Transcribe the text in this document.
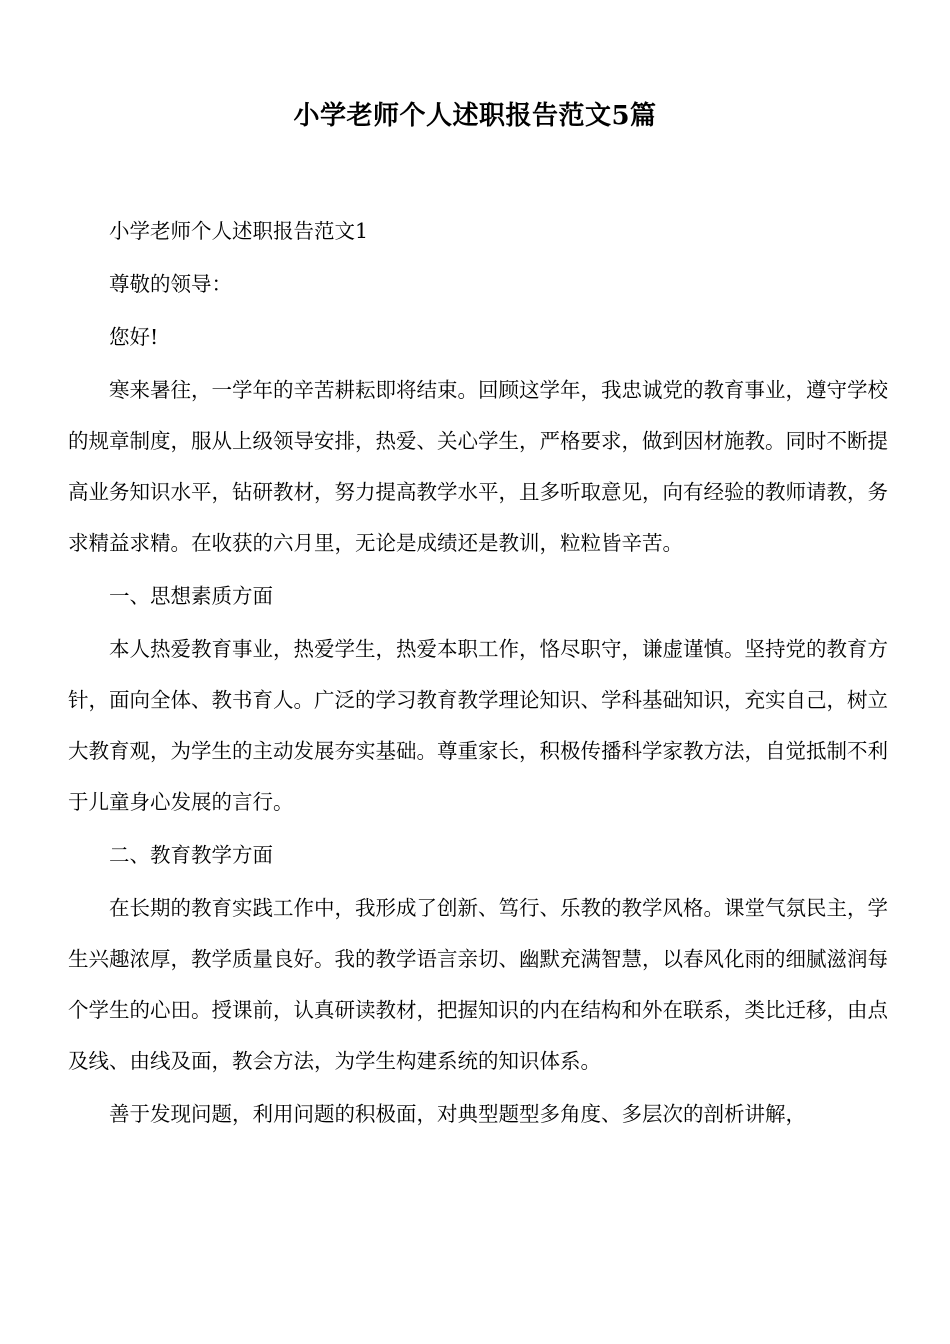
小学老师个人述职报告范文5篇

小学老师个人述职报告范文1

尊敬的领导：

您好!

寒来暑往，一学年的辛苦耕耘即将结束。回顾这学年，我忠诚党的教育事业，遵守学校的规章制度，服从上级领导安排，热爱、关心学生，严格要求，做到因材施教。同时不断提高业务知识水平，钻研教材，努力提高教学水平，且多听取意见，向有经验的教师请教，务求精益求精。在收获的六月里，无论是成绩还是教训，粒粒皆辛苦。

一、思想素质方面

本人热爱教育事业，热爱学生，热爱本职工作，恪尽职守，谦虚谨慎。坚持党的教育方针，面向全体、教书育人。广泛的学习教育教学理论知识、学科基础知识，充实自己，树立大教育观，为学生的主动发展夯实基础。尊重家长，积极传播科学家教方法，自觉抵制不利于儿童身心发展的言行。

二、教育教学方面

在长期的教育实践工作中，我形成了创新、笃行、乐教的教学风格。课堂气氛民主，学生兴趣浓厚，教学质量良好。我的教学语言亲切、幽默充满智慧，以春风化雨的细腻滋润每个学生的心田。授课前，认真研读教材，把握知识的内在结构和外在联系，类比迁移，由点及线、由线及面，教会方法，为学生构建系统的知识体系。

善于发现问题，利用问题的积极面，对典型题型多角度、多层次的剖析讲解，
